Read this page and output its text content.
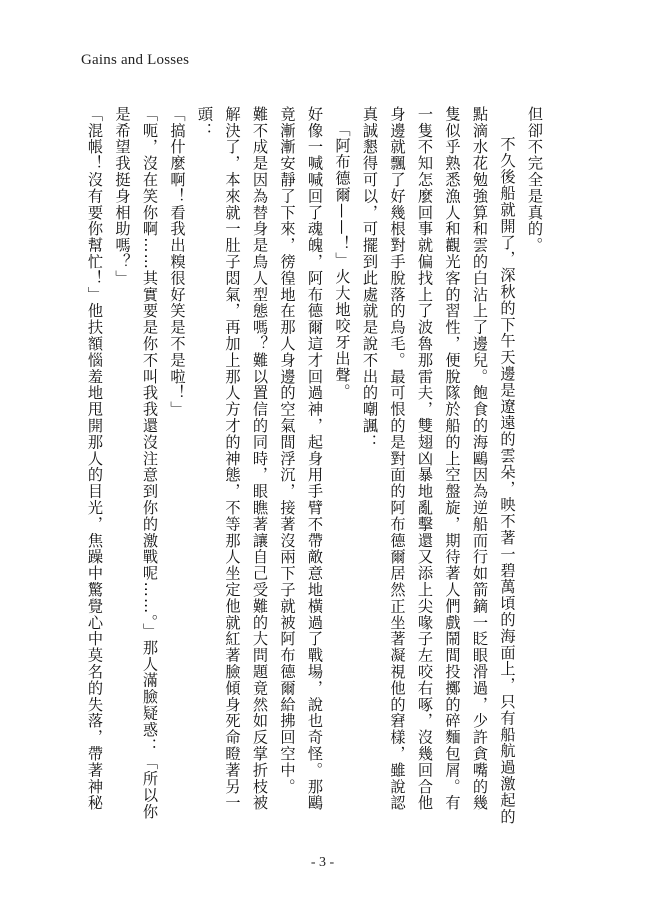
Gains and Losses

但卻不完全是真的。

不久後船就開了，深秋的下午天邊是遼遠的雲朵，映不著一碧萬頃的海面上，只有船航過激起的點滴水花勉強算和雲的白沾上了邊兒。飽食的海鷗因為逆船而行如箭鏑一眨眼滑過，少許貪嘴的幾隻似乎熟悉漁人和觀光客的習性，便脫隊於船的上空盤旋，期待著人們戲鬧間投擲的碎麵包屑。有一隻不知怎麼回事就偏找上了波魯那雷夫，雙翅凶暴地亂擊還又添上尖喙子左咬右啄，沒幾回合他身邊就飄了好幾根對手脫落的鳥毛。最可恨的是對面的阿布德爾居然正坐著凝視他的窘樣，雖說認真誠懇得可以，可擺到此處就是說不出的嘲諷：

「阿布德爾——！」火大地咬牙出聲。

好像一喊喊回了魂魄，阿布德爾這才回過神，起身用手臂不帶敵意地橫過了戰場，說也奇怪。那鷗竟漸漸安靜了下來，徬徨地在那人身邊的空氣間浮沉，接著沒兩下子就被阿布德爾給拂回空中。

難不成是因為替身是鳥人型態嗎？難以置信的同時，眼瞧著讓自己受難的大問題竟然如反掌折枝被解決了，本來就一肚子悶氣，再加上那人方才的神態，不等那人坐定他就紅著臉傾身死命瞪著另一頭：

「搞什麼啊！看我出糗很好笑是不是啦！」

「呃，沒在笑你啊……其實要是你不叫我我還沒注意到你的激戰呢……。」那人滿臉疑惑：「所以你是希望我挺身相助嗎？」

「混帳！沒有要你幫忙！」他扶額惱羞地甩開那人的目光，焦躁中驚覺心中莫名的失落，帶著神秘

- 3 -
